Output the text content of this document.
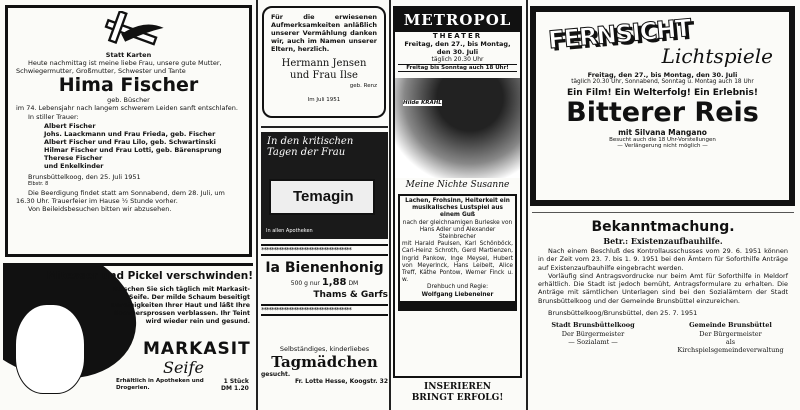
Statt Karten
Heute nachmittag ist meine liebe Frau, unsere gute Mutter, Schwiegermutter, Großmutter, Schwester und Tante
Hima Fischer
geb. Büscher
im 74. Lebensjahr nach langem schwerem Leiden sanft entschlafen.
In stiller Trauer:
Albert Fischer
Johs. Laackmann und Frau Frieda, geb. Fischer
Albert Fischer und Frau Lilo, geb. Schwartinski
Hilmar Fischer und Frau Lotti, geb. Bärensprung
Therese Fischer
und Enkelkinder
Brunsbüttelkoog, den 25. Juli 1951
Elbstr. 8
Die Beerdigung findet statt am Sonnabend, dem 28. Juli, um 16.30 Uhr. Trauerfeier im Hause ½ Stunde vorher.
Von Beileidsbesuchen bitten wir abzusehen.
Mitesser und Pickel verschwinden!
Waschen Sie sich täglich mit Markasit-Seife. Der milde Schaum beseitigt Unreinigkeiten Ihrer Haut und läßt Ihre Sommersprossen verblassen. Ihr Teint wird wieder rein und gesund.
MARKASIT
Seife
Erhältlich in Apotheken und Drogerien.
1 Stück
DM 1.20
Für die erwiesenen Aufmerksamkeiten anläßlich unserer Vermählung danken wir, auch im Namen unserer Eltern, herzlich.
Hermann Jensen und Frau Ilse
geb. Renz
Im Juli 1951
In den kritischen Tagen der Frau
Temagin
In allen Apotheken
************************************
Ia Bienenhonig
500 g nur 1,88 DM
Thams & Garfs
************************************
Selbständiges, kinderliebes
Tagmädchen
gesucht.
Fr. Lotte Hesse, Koogstr. 32
METROPOL
THEATER
Freitag, den 27., bis Montag, den 30. Juli
täglich 20.30 Uhr
Freitag bis Sonntag auch 18 Uhr!
Hilde KRAHL
Meine Nichte Susanne
Lachen, Frohsinn, Heiterkeit ein musikalisches Lustspiel aus einem Guß
nach der gleichnamigen Burleske von Hans Adler und Alexander Steinbrecher
mit Harald Paulsen, Karl Schönböck, Carl-Heinz Schroth, Gerd Martienzen, Ingrid Pankow, Inge Meysel, Hubert von Meyerinck, Hans Leibelt, Alice Treff, Käthe Pontow, Werner Finck u. w.
Drehbuch und Regie:
Wolfgang Liebeneiner
INSERIEREN
BRINGT ERFOLG!
FERNSICHT
Lichtspiele
Freitag, den 27., bis Montag, den 30. Juli
täglich 20.30 Uhr, Sonnabend, Sonntag u. Montag auch 18 Uhr
Ein Film! Ein Welterfolg! Ein Erlebnis!
Bitterer Reis
mit Silvana Mangano
Besucht auch die 18 Uhr-Vorstellungen
— Verlängerung nicht möglich —
Bekanntmachung.
Betr.: Existenzaufbauhilfe.
Nach einem Beschluß des Kontrollausschusses vom 29. 6. 1951 können in der Zeit vom 23. 7. bis 1. 9. 1951 bei den Ämtern für Soforthilfe Anträge auf Existenzaufbauhilfe eingebracht werden.
Vorläufig sind Antragsvordrucke nur beim Amt für Soforthilfe in Meldorf erhältlich. Die Stadt ist jedoch bemüht, Antragsformulare zu erhalten. Die Anträge mit sämtlichen Unterlagen sind bei den Sozialämtern der Stadt Brunsbüttelkoog und der Gemeinde Brunsbüttel einzureichen.
Brunsbüttelkoog/Brunsbüttel, den 25. 7. 1951
Stadt Brunsbüttelkoog
Der Bürgermeister
— Sozialamt —
Gemeinde Brunsbüttel
Der Bürgermeister
als Kirchspielsgemeindeverwaltung
